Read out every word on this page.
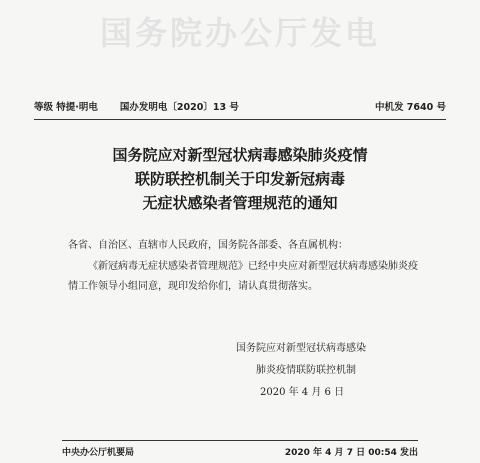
国务院办公厅发电
等级 特提·明电 国办发明电〔2020〕13 号	中机发 7640 号
国务院应对新型冠状病毒感染肺炎疫情
联防联控机制关于印发新冠病毒
无症状感染者管理规范的通知

各省、自治区、直辖市人民政府，国务院各部委、各直属机构：

《新冠病毒无症状感染者管理规范》已经中央应对新型冠状病毒感染肺炎疫情工作领导小组同意，现印发给你们，请认真贯彻落实。

国务院应对新型冠状病毒感染
肺炎疫情联防联控机制
2020 年 4 月 6 日
中央办公厅机要局	2020 年 4 月 7 日 00:54 发出
